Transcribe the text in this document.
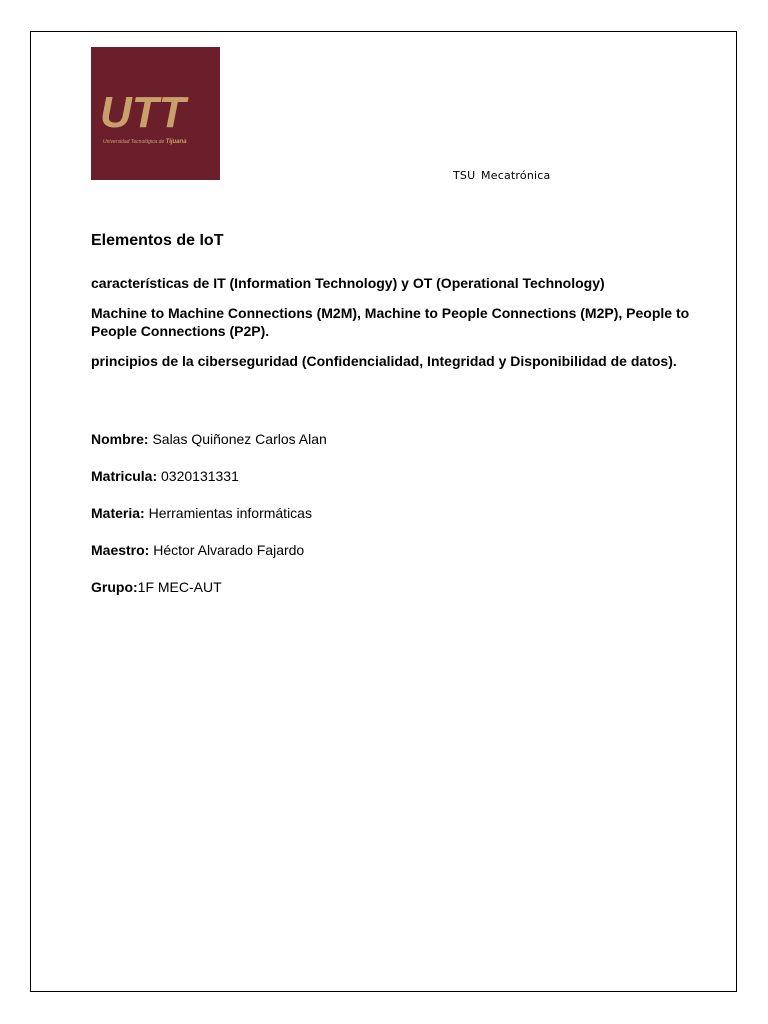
UTT
Universidad Tecnológica de Tijuana
TSU Mecatrónica
Elementos de IoT
características de IT (Information Technology) y OT (Operational Technology)
Machine to Machine Connections (M2M), Machine to People Connections (M2P), People to People Connections (P2P).
principios de la ciberseguridad (Confidencialidad, Integridad y Disponibilidad de datos).
Nombre: Salas Quiñonez Carlos Alan
Matricula: 0320131331
Materia: Herramientas informáticas
Maestro: Héctor Alvarado Fajardo
Grupo:1F MEC-AUT
